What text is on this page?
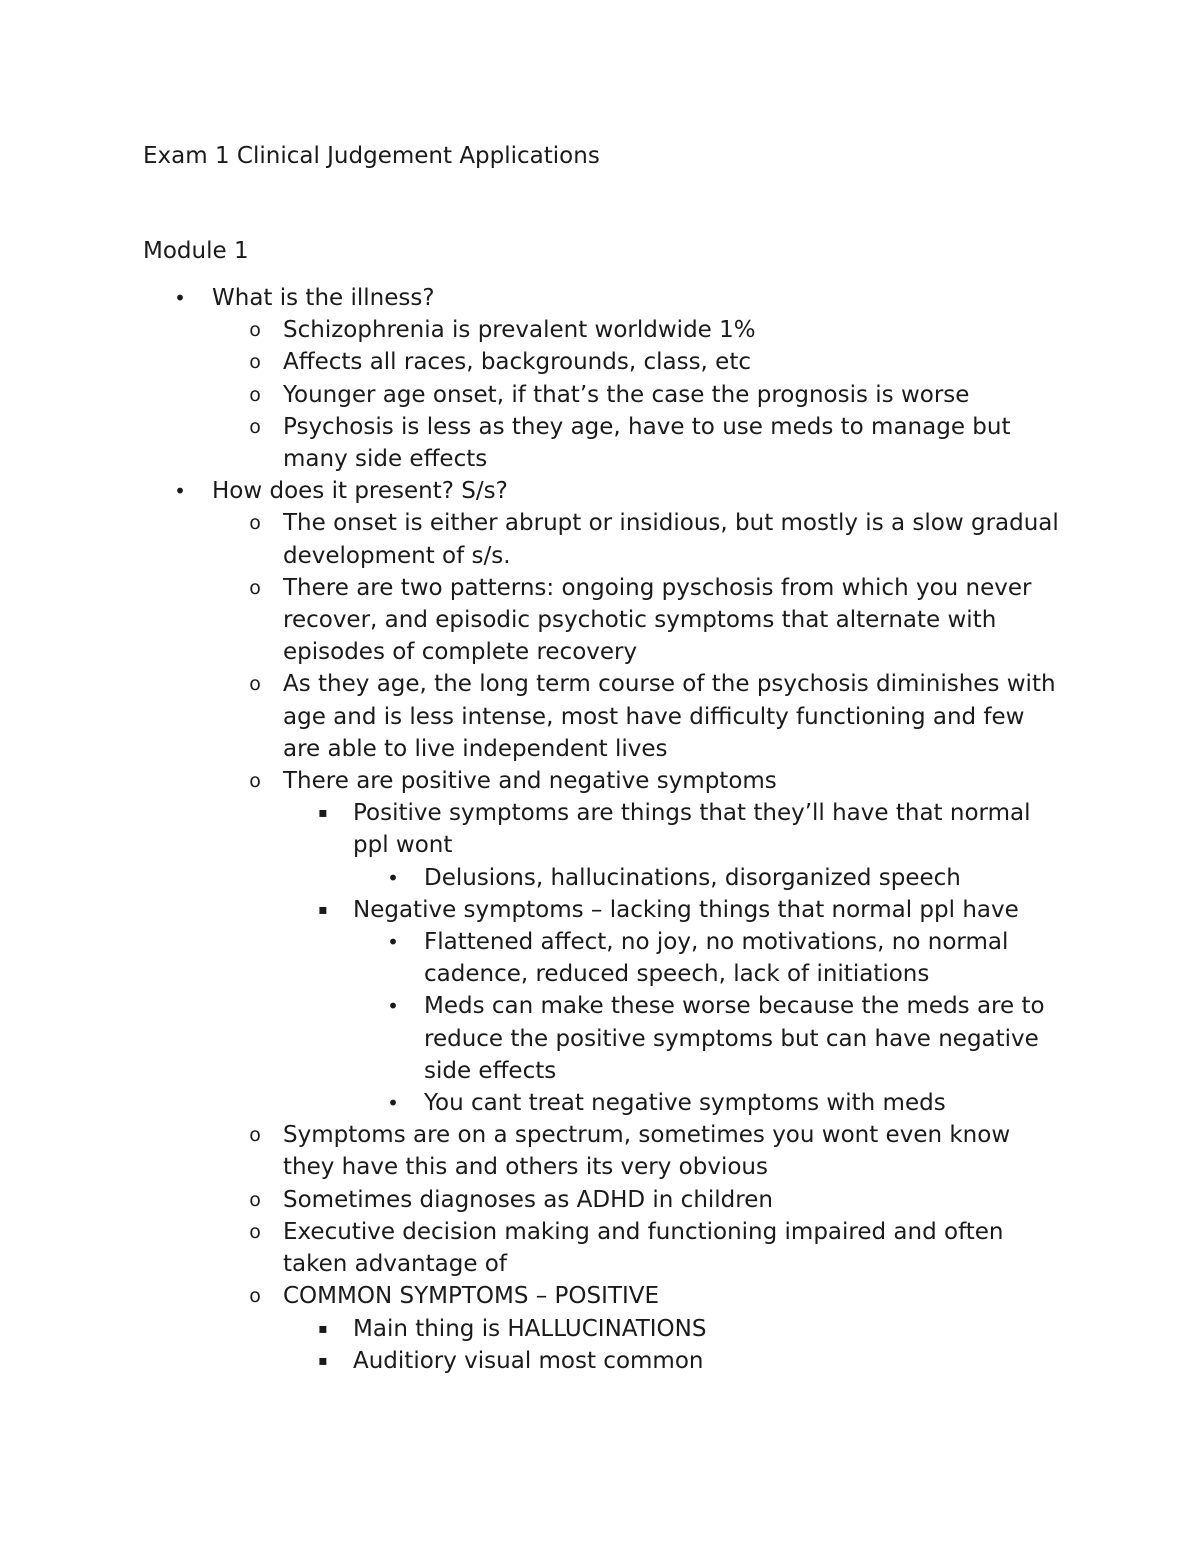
Exam 1 Clinical Judgement Applications
Module 1
• What is the illness?
o Schizophrenia is prevalent worldwide 1%
o Affects all races, backgrounds, class, etc
o Younger age onset, if that’s the case the prognosis is worse
o Psychosis is less as they age, have to use meds to manage but many side effects
• How does it present? S/s?
o The onset is either abrupt or insidious, but mostly is a slow gradual development of s/s.
o There are two patterns: ongoing pyschosis from which you never recover, and episodic psychotic symptoms that alternate with episodes of complete recovery
o As they age, the long term course of the psychosis diminishes with age and is less intense, most have difficulty functioning and few are able to live independent lives
o There are positive and negative symptoms
▪	Positive symptoms are things that they’ll have that normal ppl wont
• Delusions, hallucinations, disorganized speech
▪	Negative symptoms – lacking things that normal ppl have
• Flattened affect, no joy, no motivations, no normal cadence, reduced speech, lack of initiations
• Meds can make these worse because the meds are to reduce the positive symptoms but can have negative side effects
• You cant treat negative symptoms with meds
o Symptoms are on a spectrum, sometimes you wont even know they have this and others its very obvious
o Sometimes diagnoses as ADHD in children
o Executive decision making and functioning impaired and often taken advantage of
o COMMON SYMPTOMS – POSITIVE
▪	Main thing is HALLUCINATIONS
▪	Auditiory visual most common
